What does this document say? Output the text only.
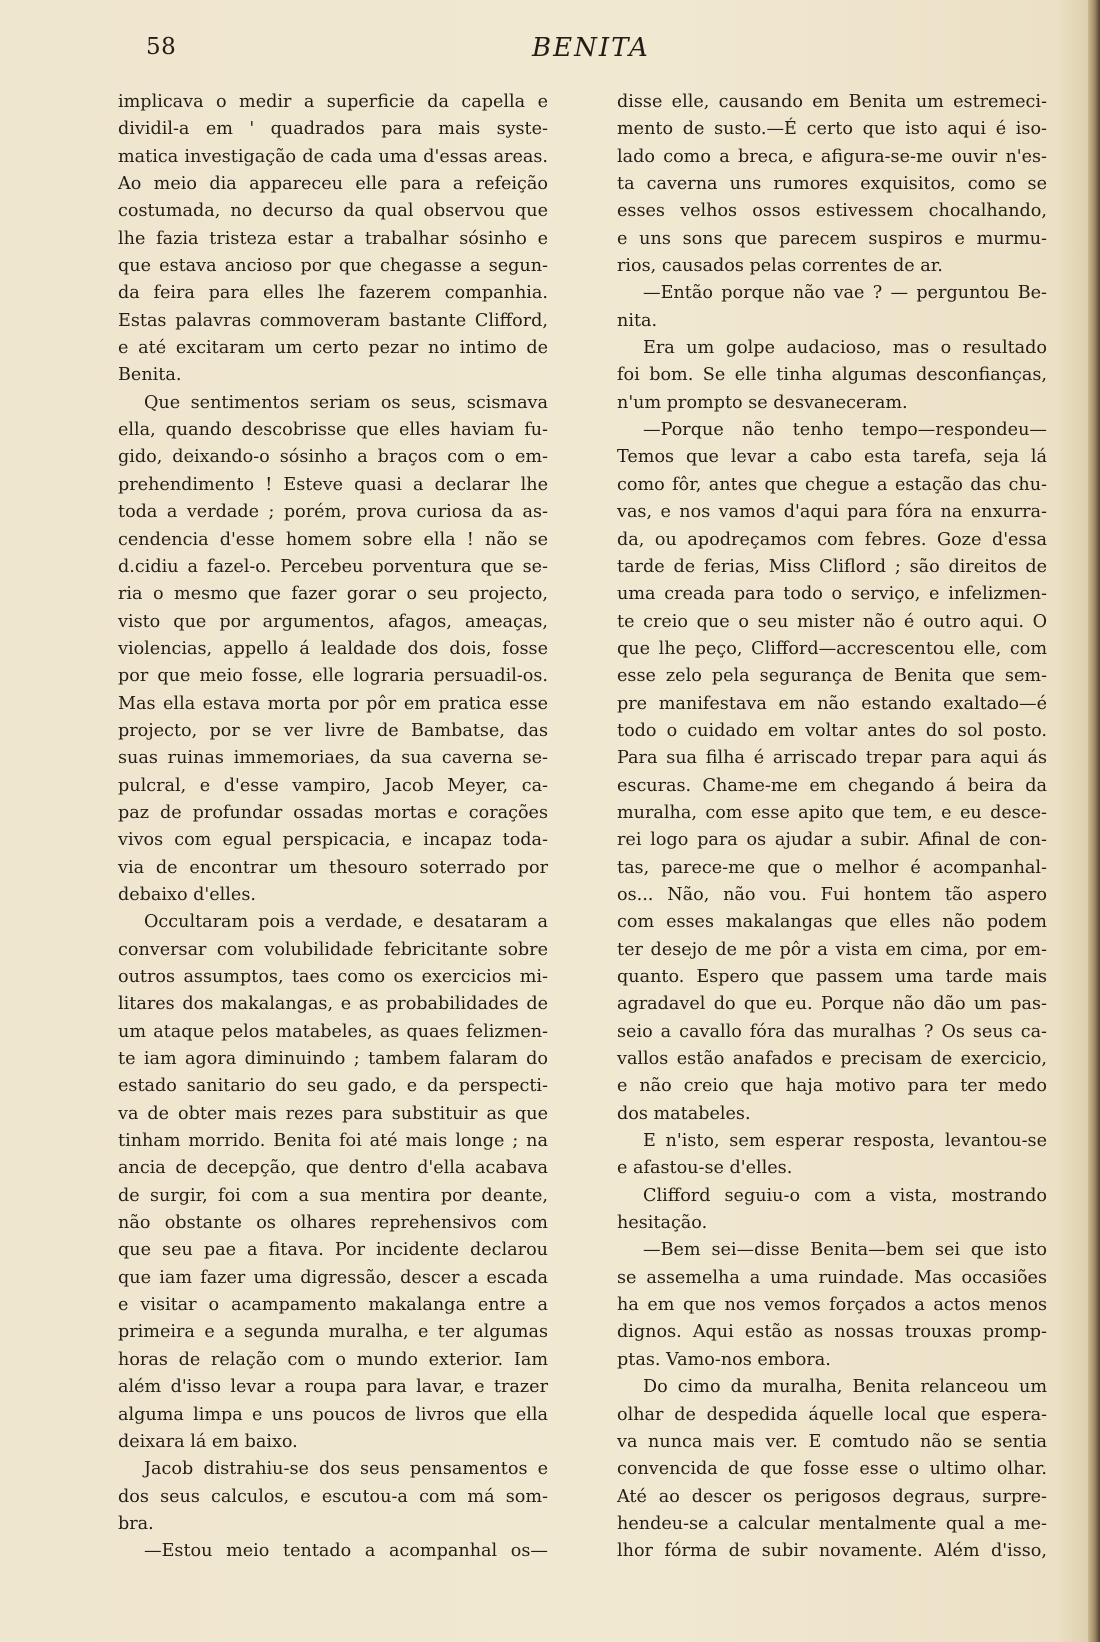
58	BENITA
implicava o medir a superficie da capella e
dividil-a em ' quadrados para mais syste-
matica investigação de cada uma d'essas areas.
Ao meio dia appareceu elle para a refeição
costumada, no decurso da qual observou que
lhe fazia tristeza estar a trabalhar sósinho e
que estava ancioso por que chegasse a segun-
da feira para elles lhe fazerem companhia.
Estas palavras commoveram bastante Clifford,
e até excitaram um certo pezar no intimo de
Benita.
Que sentimentos seriam os seus, scismava
ella, quando descobrisse que elles haviam fu-
gido, deixando-o sósinho a braços com o em-
prehendimento ! Esteve quasi a declarar lhe
toda a verdade ; porém, prova curiosa da as-
cendencia d'esse homem sobre ella ! não se
d.cidiu a fazel-o. Percebeu porventura que se-
ria o mesmo que fazer gorar o seu projecto,
visto que por argumentos, afagos, ameaças,
violencias, appello á lealdade dos dois, fosse
por que meio fosse, elle lograria persuadil-os.
Mas ella estava morta por pôr em pratica esse
projecto, por se ver livre de Bambatse, das
suas ruinas immemoriaes, da sua caverna se-
pulcral, e d'esse vampiro, Jacob Meyer, ca-
paz de profundar ossadas mortas e corações
vivos com egual perspicacia, e incapaz toda-
via de encontrar um thesouro soterrado por
debaixo d'elles.
Occultaram pois a verdade, e desataram a
conversar com volubilidade febricitante sobre
outros assumptos, taes como os exercicios mi-
litares dos makalangas, e as probabilidades de
um ataque pelos matabeles, as quaes felizmen-
te iam agora diminuindo ; tambem falaram do
estado sanitario do seu gado, e da perspecti-
va de obter mais rezes para substituir as que
tinham morrido. Benita foi até mais longe ; na
ancia de decepção, que dentro d'ella acabava
de surgir, foi com a sua mentira por deante,
não obstante os olhares reprehensivos com
que seu pae a fitava. Por incidente declarou
que iam fazer uma digressão, descer a escada
e visitar o acampamento makalanga entre a
primeira e a segunda muralha, e ter algumas
horas de relação com o mundo exterior. Iam
além d'isso levar a roupa para lavar, e trazer
alguma limpa e uns poucos de livros que ella
deixara lá em baixo.
Jacob distrahiu-se dos seus pensamentos e
dos seus calculos, e escutou-a com má som-
bra.
—Estou meio tentado a acompanhal os—
disse elle, causando em Benita um estremeci-
mento de susto.—É certo que isto aqui é iso-
lado como a breca, e afigura-se-me ouvir n'es-
ta caverna uns rumores exquisitos, como se
esses velhos ossos estivessem chocalhando,
e uns sons que parecem suspiros e murmu-
rios, causados pelas correntes de ar.
—Então porque não vae ? — perguntou Be-
nita.
Era um golpe audacioso, mas o resultado
foi bom. Se elle tinha algumas desconfianças,
n'um prompto se desvaneceram.
—Porque não tenho tempo—respondeu—
Temos que levar a cabo esta tarefa, seja lá
como fôr, antes que chegue a estação das chu-
vas, e nos vamos d'aqui para fóra na enxurra-
da, ou apodreçamos com febres. Goze d'essa
tarde de ferias, Miss Cliflord ; são direitos de
uma creada para todo o serviço, e infelizmen-
te creio que o seu mister não é outro aqui. O
que lhe peço, Clifford—accrescentou elle, com
esse zelo pela segurança de Benita que sem-
pre manifestava em não estando exaltado—é
todo o cuidado em voltar antes do sol posto.
Para sua filha é arriscado trepar para aqui ás
escuras. Chame-me em chegando á beira da
muralha, com esse apito que tem, e eu desce-
rei logo para os ajudar a subir. Afinal de con-
tas, parece-me que o melhor é acompanhal-
os... Não, não vou. Fui hontem tão aspero
com esses makalangas que elles não podem
ter desejo de me pôr a vista em cima, por em-
quanto. Espero que passem uma tarde mais
agradavel do que eu. Porque não dão um pas-
seio a cavallo fóra das muralhas ? Os seus ca-
vallos estão anafados e precisam de exercicio,
e não creio que haja motivo para ter medo
dos matabeles.
E n'isto, sem esperar resposta, levantou-se
e afastou-se d'elles.
Clifford seguiu-o com a vista, mostrando
hesitação.
—Bem sei—disse Benita—bem sei que isto
se assemelha a uma ruindade. Mas occasiões
ha em que nos vemos forçados a actos menos
dignos. Aqui estão as nossas trouxas promp-
ptas. Vamo-nos embora.
Do cimo da muralha, Benita relanceou um
olhar de despedida áquelle local que espera-
va nunca mais ver. E comtudo não se sentia
convencida de que fosse esse o ultimo olhar.
Até ao descer os perigosos degraus, surpre-
hendeu-se a calcular mentalmente qual a me-
lhor fórma de subir novamente. Além d'isso,
